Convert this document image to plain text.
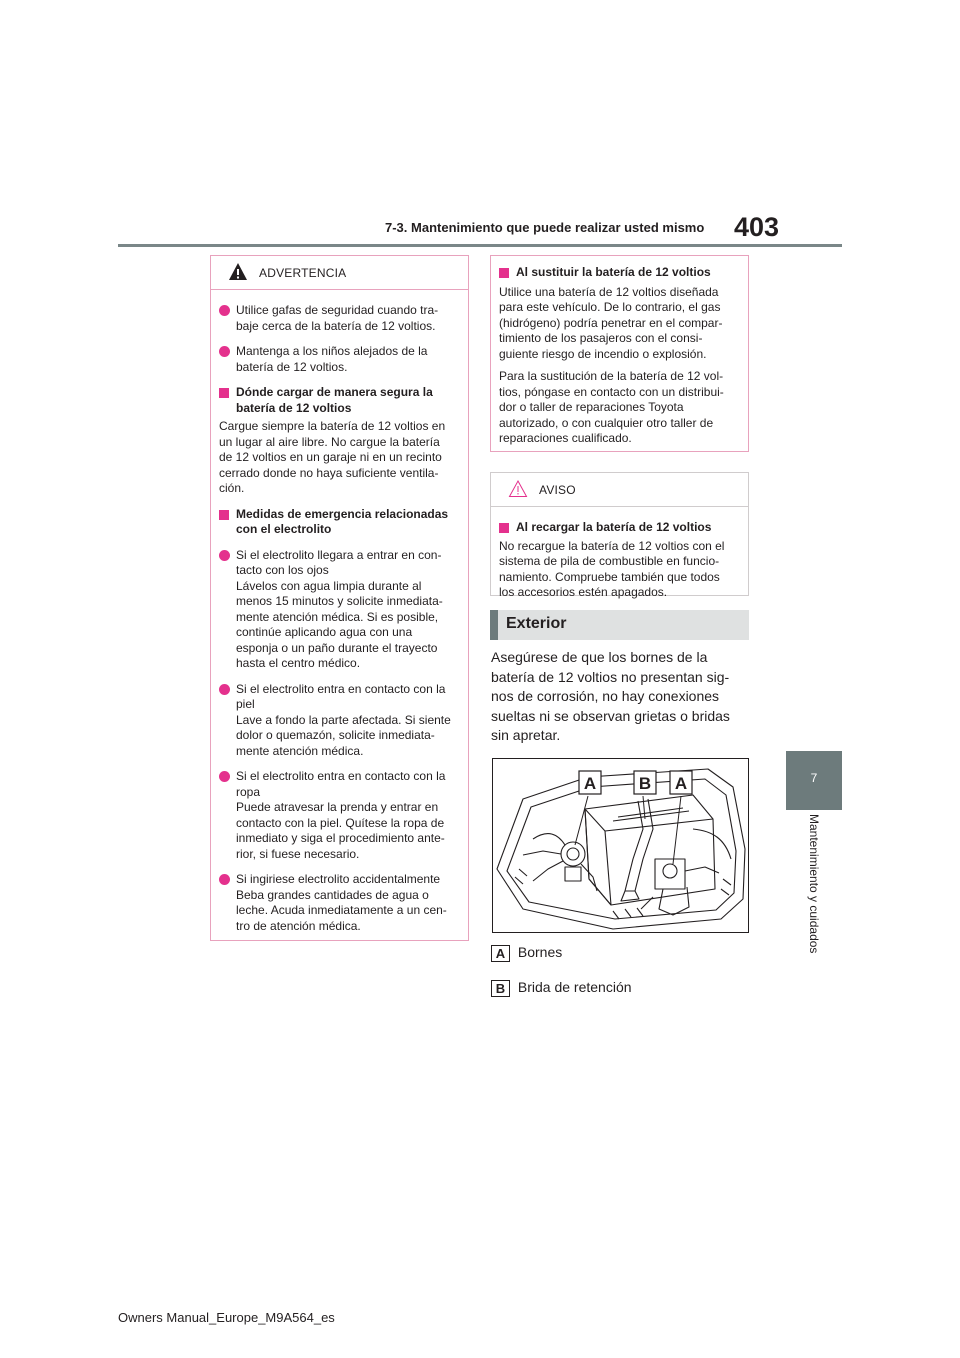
7-3. Mantenimiento que puede realizar usted mismo 403
7
Mantenimiento y cuidados
ADVERTENCIA
Utilice gafas de seguridad cuando tra-
baje cerca de la batería de 12 voltios.
Mantenga a los niños alejados de la
batería de 12 voltios.
Dónde cargar de manera segura la
batería de 12 voltios
Cargue siempre la batería de 12 voltios en
un lugar al aire libre. No cargue la batería
de 12 voltios en un garaje ni en un recinto
cerrado donde no haya suficiente ventila-
ción.
Medidas de emergencia relacionadas
con el electrolito
Si el electrolito llegara a entrar en con-
tacto con los ojos
Lávelos con agua limpia durante al
menos 15 minutos y solicite inmediata-
mente atención médica. Si es posible,
continúe aplicando agua con una
esponja o un paño durante el trayecto
hasta el centro médico.
Si el electrolito entra en contacto con la
piel
Lave a fondo la parte afectada. Si siente
dolor o quemazón, solicite inmediata-
mente atención médica.
Si el electrolito entra en contacto con la
ropa
Puede atravesar la prenda y entrar en
contacto con la piel. Quítese la ropa de
inmediato y siga el procedimiento ante-
rior, si fuese necesario.
Si ingiriese electrolito accidentalmente
Beba grandes cantidades de agua o
leche. Acuda inmediatamente a un cen-
tro de atención médica.
Al sustituir la batería de 12 voltios
Utilice una batería de 12 voltios diseñada
para este vehículo. De lo contrario, el gas
(hidrógeno) podría penetrar en el compar-
timiento de los pasajeros con el consi-
guiente riesgo de incendio o explosión.
Para la sustitución de la batería de 12 vol-
tios, póngase en contacto con un distribui-
dor o taller de reparaciones Toyota
autorizado, o con cualquier otro taller de
reparaciones cualificado.
AVISO
Al recargar la batería de 12 voltios
No recargue la batería de 12 voltios con el
sistema de pila de combustible en funcio-
namiento. Compruebe también que todos
los accesorios estén apagados.
Exterior
Asegúrese de que los bornes de la
batería de 12 voltios no presentan sig-
nos de corrosión, no hay conexiones
sueltas ni se observan grietas o bridas
sin apretar.
A	B A
A Bornes
B Brida de retención
Owners Manual_Europe_M9A564_es
